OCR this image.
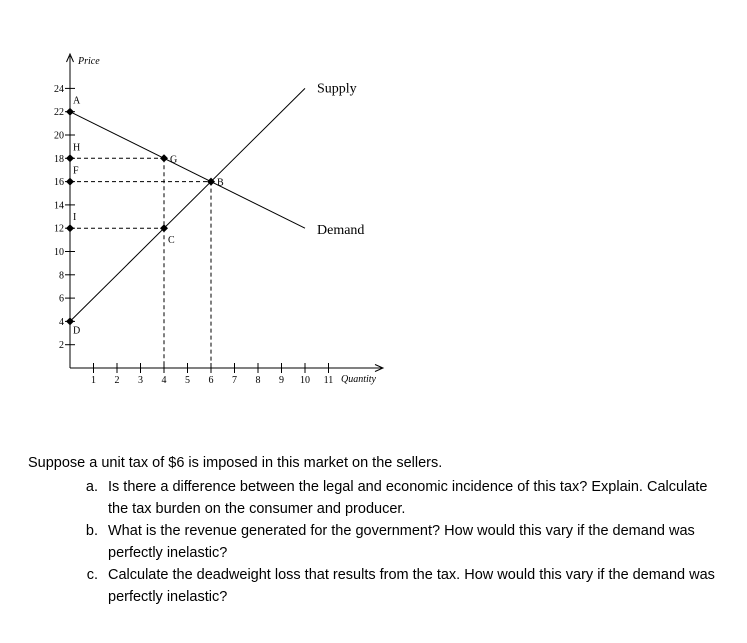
Price
Quantity
2
4
6
8
10
12
14
16
18
20
22
24
1 2 3 4 5 6 7 8 9 10 11
Supply
Demand
A
H
F
I
D
G
B
C

Suppose a unit tax of $6 is imposed in this market on the sellers.

a. Is there a difference between the legal and economic incidence of this tax? Explain. Calculate the tax burden on the consumer and producer.
b. What is the revenue generated for the government? How would this vary if the demand was perfectly inelastic?
c. Calculate the deadweight loss that results from the tax. How would this vary if the demand was perfectly inelastic?
